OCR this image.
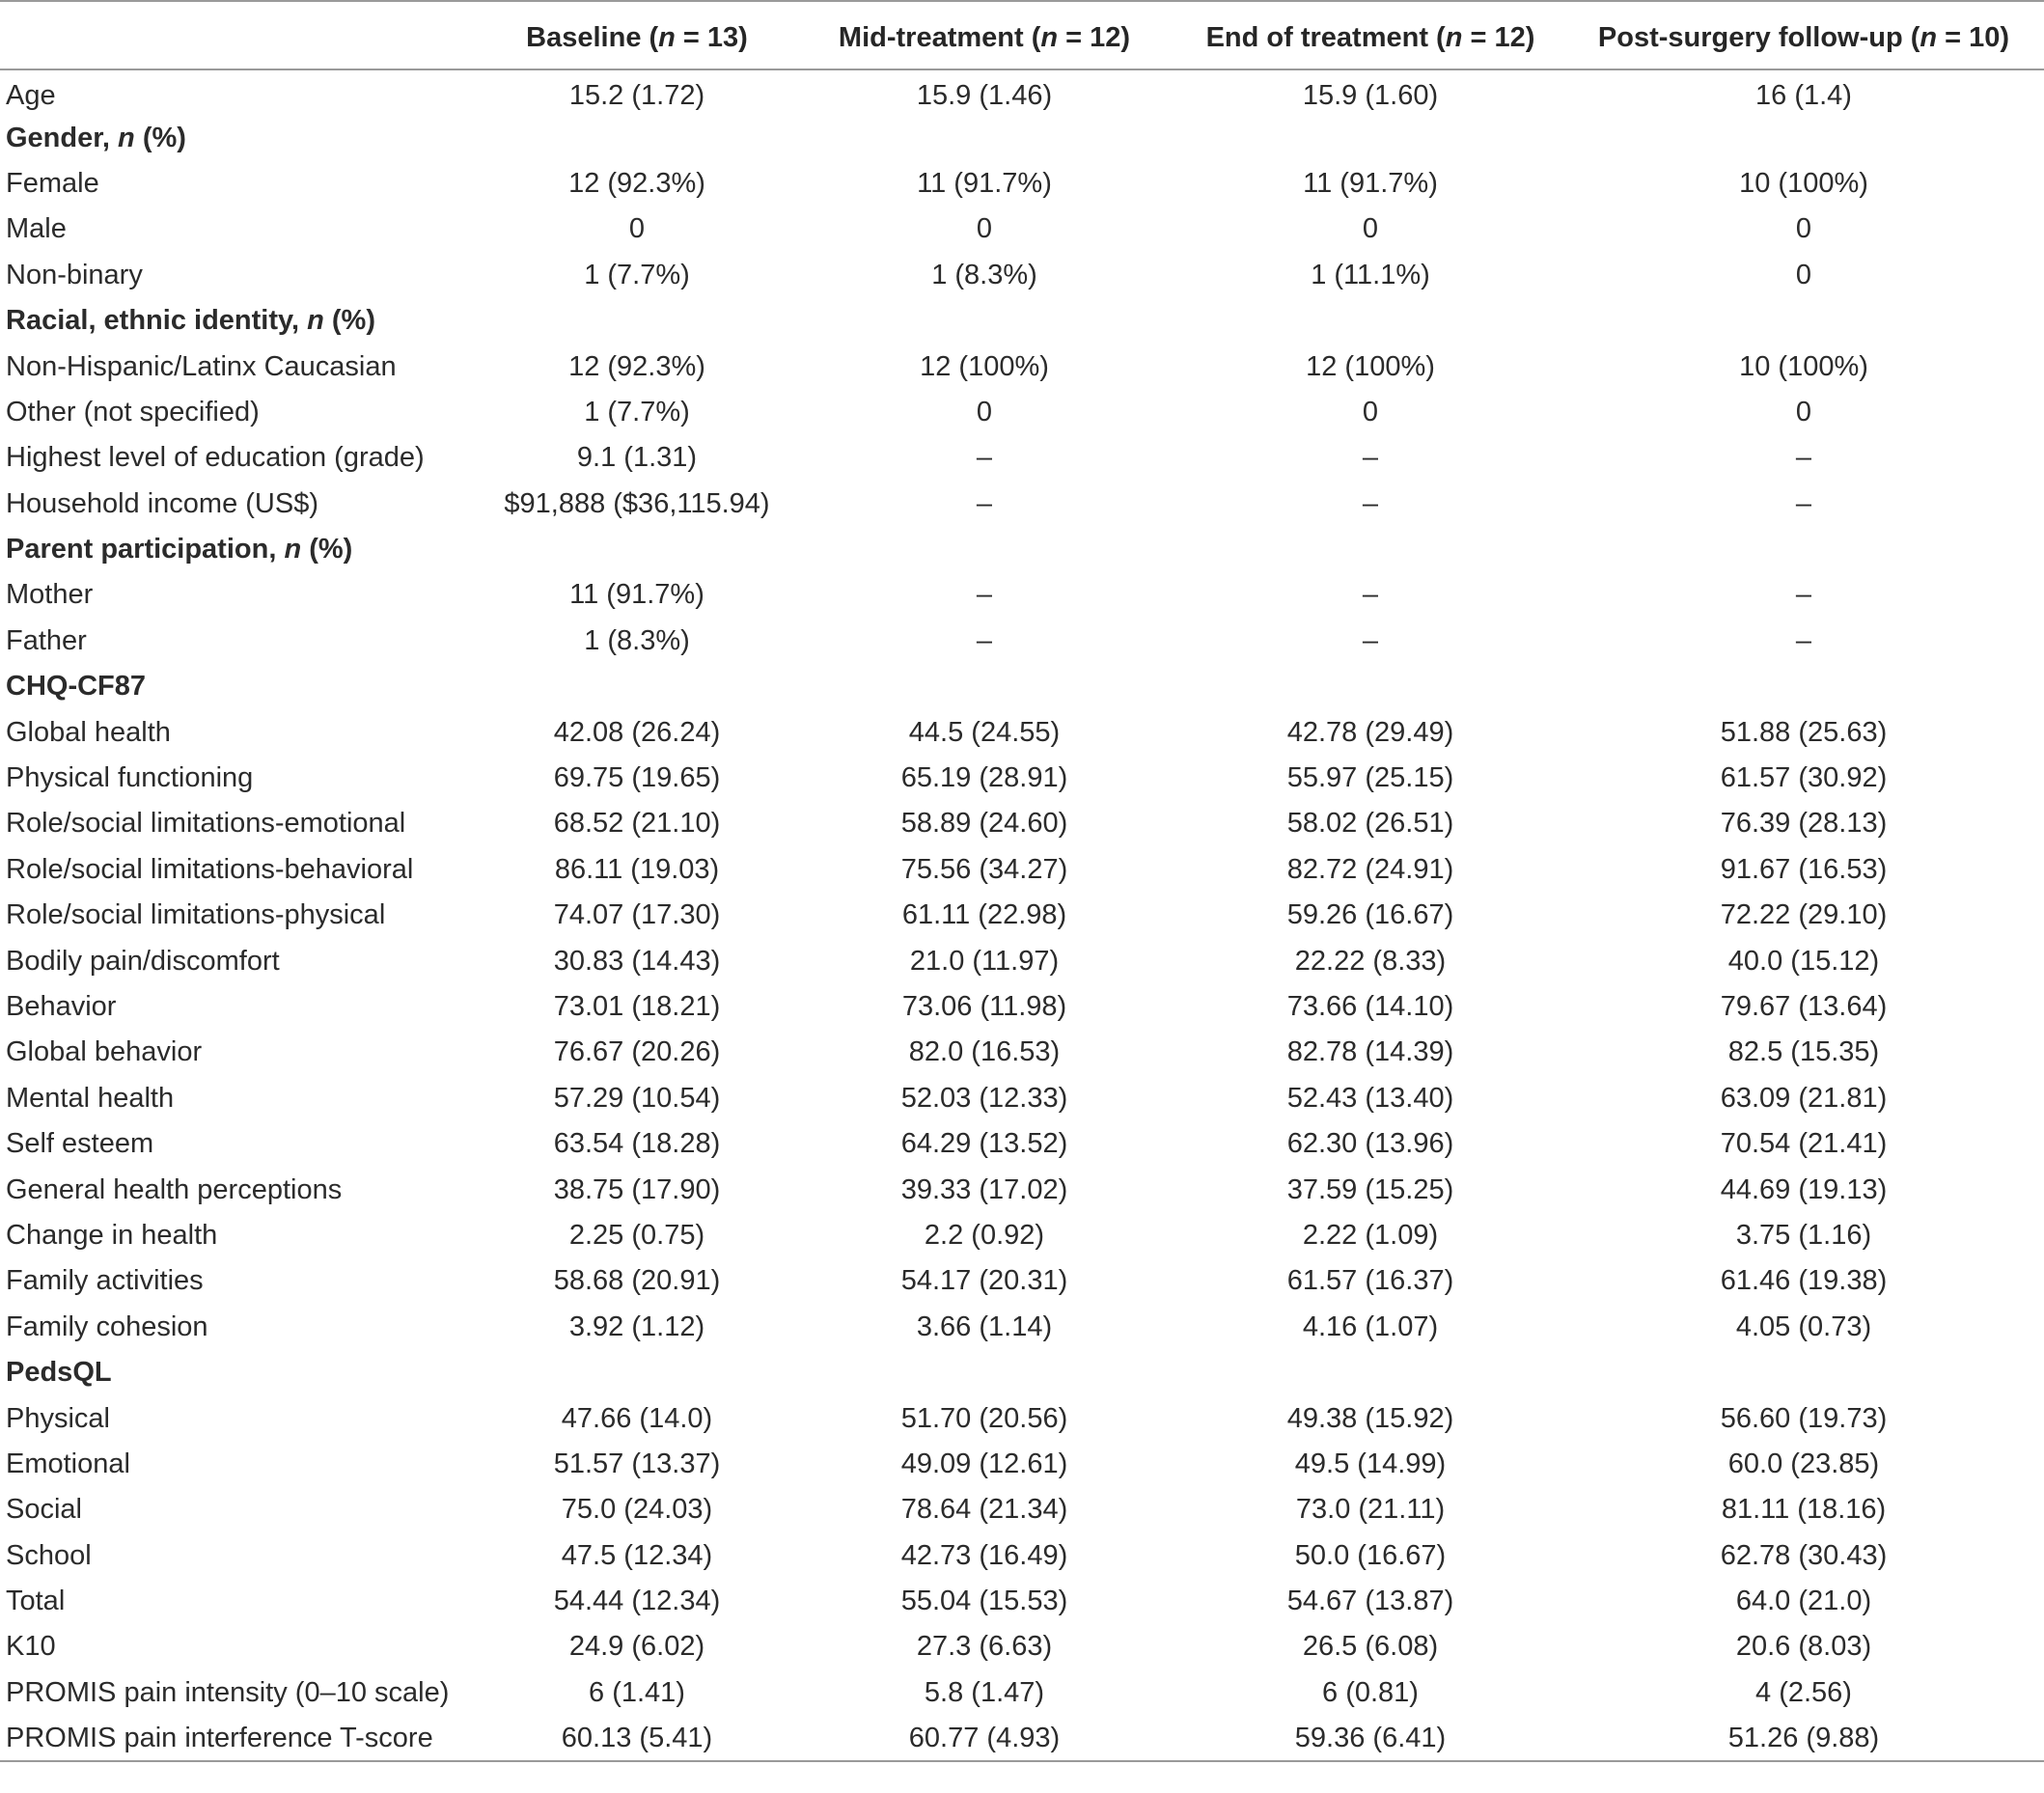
	Baseline (n = 13)	Mid-treatment (n = 12)	End of treatment (n = 12)	Post-surgery follow-up (n = 10)
Age	15.2 (1.72)	15.9 (1.46)	15.9 (1.60)	16 (1.4)
Gender, n (%)				
Female	12 (92.3%)	11 (91.7%)	11 (91.7%)	10 (100%)
Male	0	0	0	0
Non-binary	1 (7.7%)	1 (8.3%)	1 (11.1%)	0
Racial, ethnic identity, n (%)				
Non-Hispanic/Latinx Caucasian	12 (92.3%)	12 (100%)	12 (100%)	10 (100%)
Other (not specified)	1 (7.7%)	0	0	0
Highest level of education (grade)	9.1 (1.31)	–	–	–
Household income (US$)	$91,888 ($36,115.94)	–	–	–
Parent participation, n (%)				
Mother	11 (91.7%)	–	–	–
Father	1 (8.3%)	–	–	–
CHQ-CF87				
Global health	42.08 (26.24)	44.5 (24.55)	42.78 (29.49)	51.88 (25.63)
Physical functioning	69.75 (19.65)	65.19 (28.91)	55.97 (25.15)	61.57 (30.92)
Role/social limitations-emotional	68.52 (21.10)	58.89 (24.60)	58.02 (26.51)	76.39 (28.13)
Role/social limitations-behavioral	86.11 (19.03)	75.56 (34.27)	82.72 (24.91)	91.67 (16.53)
Role/social limitations-physical	74.07 (17.30)	61.11 (22.98)	59.26 (16.67)	72.22 (29.10)
Bodily pain/discomfort	30.83 (14.43)	21.0 (11.97)	22.22 (8.33)	40.0 (15.12)
Behavior	73.01 (18.21)	73.06 (11.98)	73.66 (14.10)	79.67 (13.64)
Global behavior	76.67 (20.26)	82.0 (16.53)	82.78 (14.39)	82.5 (15.35)
Mental health	57.29 (10.54)	52.03 (12.33)	52.43 (13.40)	63.09 (21.81)
Self esteem	63.54 (18.28)	64.29 (13.52)	62.30 (13.96)	70.54 (21.41)
General health perceptions	38.75 (17.90)	39.33 (17.02)	37.59 (15.25)	44.69 (19.13)
Change in health	2.25 (0.75)	2.2 (0.92)	2.22 (1.09)	3.75 (1.16)
Family activities	58.68 (20.91)	54.17 (20.31)	61.57 (16.37)	61.46 (19.38)
Family cohesion	3.92 (1.12)	3.66 (1.14)	4.16 (1.07)	4.05 (0.73)
PedsQL				
Physical	47.66 (14.0)	51.70 (20.56)	49.38 (15.92)	56.60 (19.73)
Emotional	51.57 (13.37)	49.09 (12.61)	49.5 (14.99)	60.0 (23.85)
Social	75.0 (24.03)	78.64 (21.34)	73.0 (21.11)	81.11 (18.16)
School	47.5 (12.34)	42.73 (16.49)	50.0 (16.67)	62.78 (30.43)
Total	54.44 (12.34)	55.04 (15.53)	54.67 (13.87)	64.0 (21.0)
K10	24.9 (6.02)	27.3 (6.63)	26.5 (6.08)	20.6 (8.03)
PROMIS pain intensity (0–10 scale)	6 (1.41)	5.8 (1.47)	6 (0.81)	4 (2.56)
PROMIS pain interference T-score	60.13 (5.41)	60.77 (4.93)	59.36 (6.41)	51.26 (9.88)
